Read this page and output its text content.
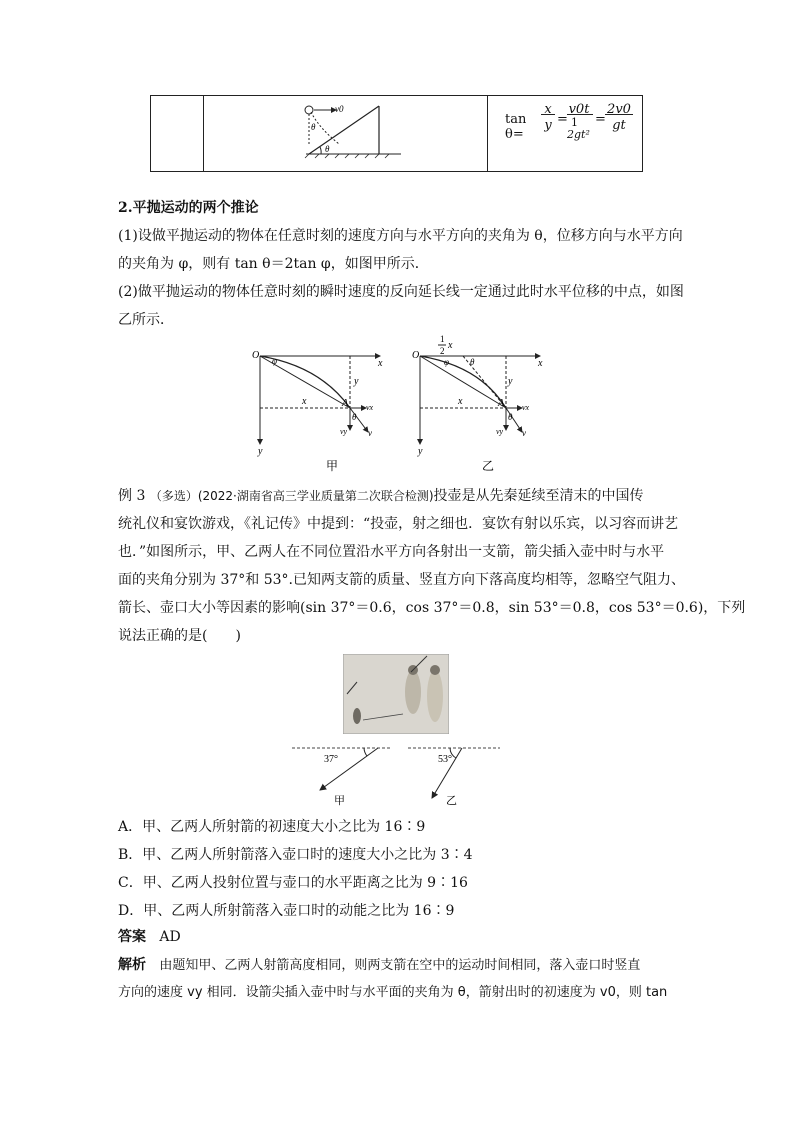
v0
θ
θ
tan θ=
x
y =
v0t
1
2gt²
=
2v0
gt
2.平抛运动的两个推论
(1)设做平抛运动的物体在任意时刻的速度方向与水平方向的夹角为 θ，位移方向与水平方向
的夹角为 φ，则有 tan θ＝2tan φ，如图甲所示．
(2)做平抛运动的物体任意时刻的瞬时速度的反向延长线一定通过此时水平位移的中点，如图
乙所示．
O
x
y
φ
A
θ
x
y
vx
vy v
甲
1
2 x
O
x
y
φ θ
A
θ
x
y
vx
vy v
乙
例 3 （多选）(2022·湖南省高三学业质量第二次联合检测)投壶是从先秦延续至清末的中国传
统礼仪和宴饮游戏，《礼记传》中提到：“投壶，射之细也．宴饮有射以乐宾，以习容而讲艺
也．”如图所示，甲、乙两人在不同位置沿水平方向各射出一支箭，箭尖插入壶中时与水平
面的夹角分别为 37°和 53°.已知两支箭的质量、竖直方向下落高度均相等，忽略空气阻力、
箭长、壶口大小等因素的影响(sin 37°＝0.6，cos 37°＝0.8，sin 53°＝0.8，cos 53°＝0.6)，下列
说法正确的是(　　)
37°
甲
53°
乙
A．甲、乙两人所射箭的初速度大小之比为 16∶9
B．甲、乙两人所射箭落入壶口时的速度大小之比为 3∶4
C．甲、乙两人投射位置与壶口的水平距离之比为 9∶16
D．甲、乙两人所射箭落入壶口时的动能之比为 16∶9
答案 AD
解析 由题知甲、乙两人射箭高度相同，则两支箭在空中的运动时间相同，落入壶口时竖直
方向的速度 vy 相同．设箭尖插入壶中时与水平面的夹角为 θ，箭射出时的初速度为 v0，则 tan
